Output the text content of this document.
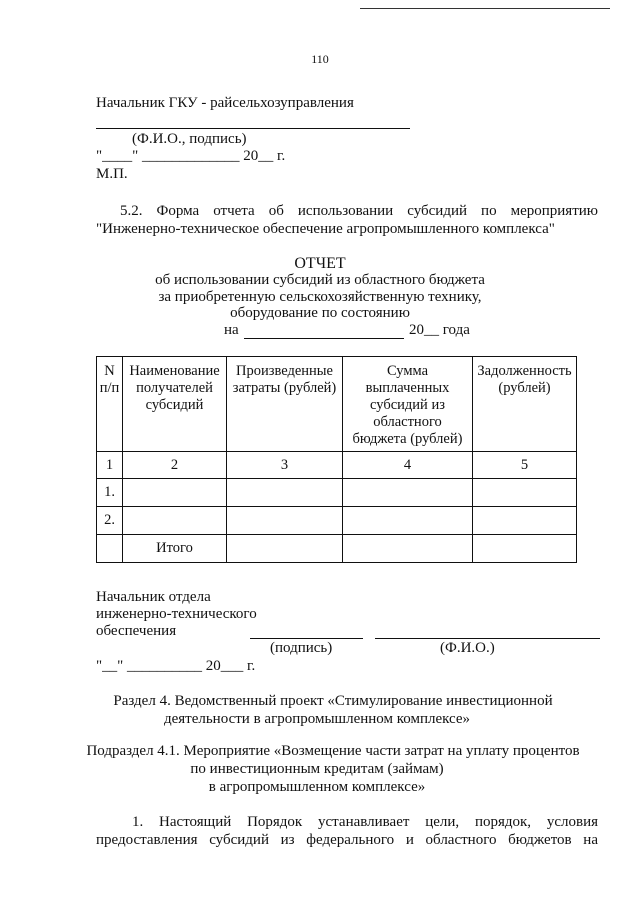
110
Начальник ГКУ - райсельхозуправления
(Ф.И.О., подпись)
"____" _____________ 20__ г.
М.П.
5.2. Форма отчета об использовании субсидий по мероприятию
"Инженерно-техническое обеспечение агропромышленного комплекса"
ОТЧЕТ
об использовании субсидий из областного бюджета
за приобретенную сельскохозяйственную технику,
оборудование по состоянию
на	20__ года
N п/п	Наименование получателей субсидий	Произведенные затраты (рублей)	Сумма выплаченных субсидий из областного бюджета (рублей)	Задолженность (рублей)
1	2	3	4	5
1.				
2.				
	Итого			
Начальник отдела
инженерно-технического
обеспечения
(подпись)	(Ф.И.О.)
"__" __________ 20___ г.
Раздел 4. Ведомственный проект «Стимулирование инвестиционной
деятельности в агропромышленном комплексе»
Подраздел 4.1. Мероприятие «Возмещение части затрат на уплату процентов
по инвестиционным кредитам (займам)
в агропромышленном комплексе»
1. Настоящий Порядок устанавливает цели, порядок, условия
предоставления субсидий из федерального и областного бюджетов на
